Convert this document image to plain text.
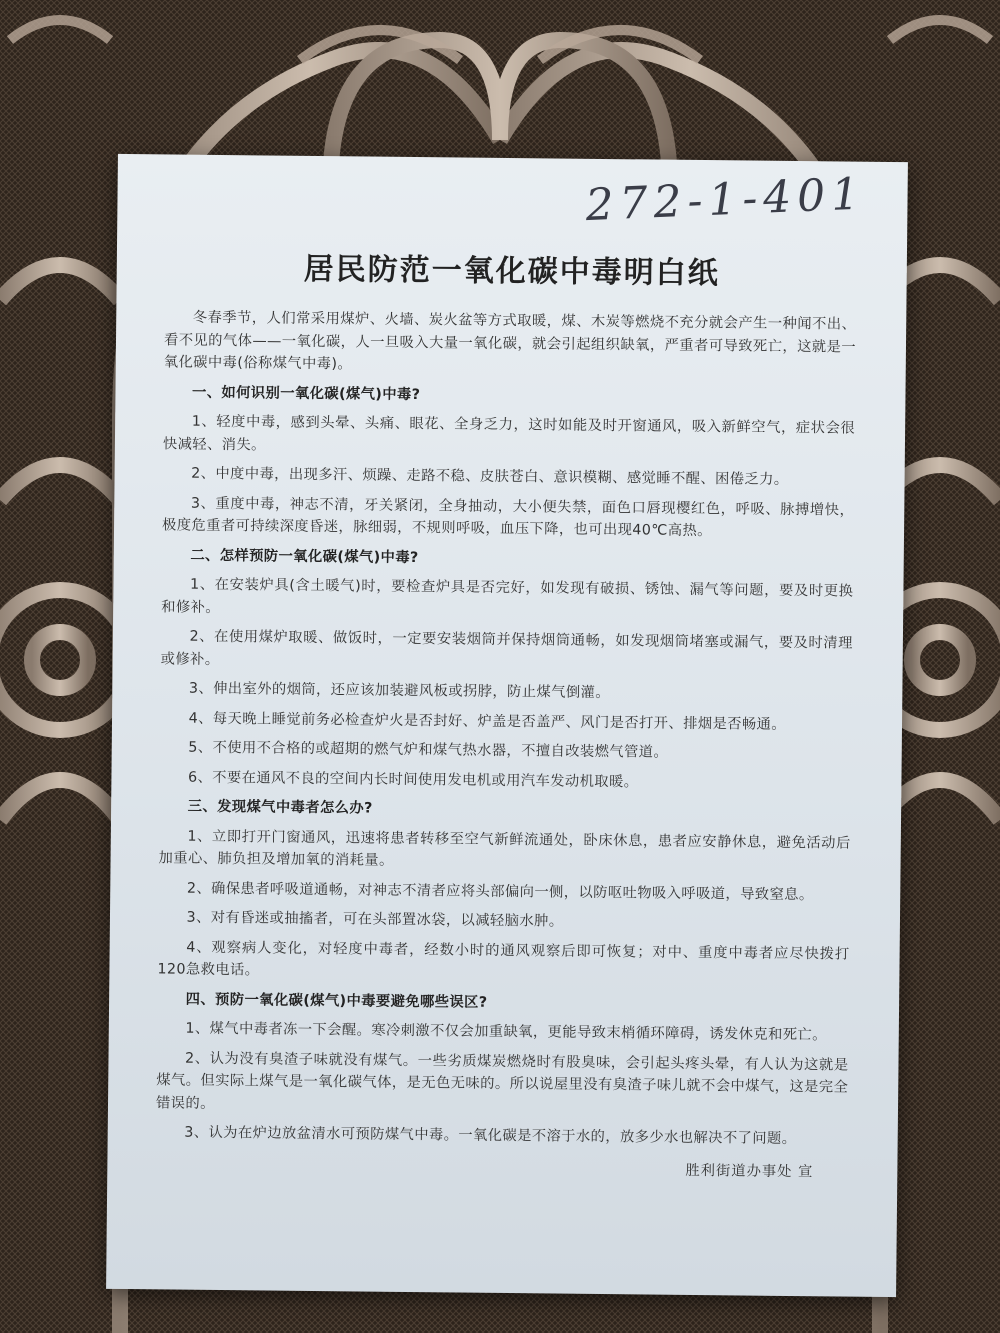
272-1-401
居民防范一氧化碳中毒明白纸

冬春季节，人们常采用煤炉、火墙、炭火盆等方式取暖，煤、木炭等燃烧不充分就会产生一种闻不出、看不见的气体——一氧化碳，人一旦吸入大量一氧化碳，就会引起组织缺氧，严重者可导致死亡，这就是一氧化碳中毒(俗称煤气中毒)。

一、如何识别一氧化碳(煤气)中毒?

1、轻度中毒，感到头晕、头痛、眼花、全身乏力，这时如能及时开窗通风，吸入新鲜空气，症状会很快减轻、消失。

2、中度中毒，出现多汗、烦躁、走路不稳、皮肤苍白、意识模糊、感觉睡不醒、困倦乏力。

3、重度中毒，神志不清，牙关紧闭，全身抽动，大小便失禁，面色口唇现樱红色，呼吸、脉搏增快，极度危重者可持续深度昏迷，脉细弱，不规则呼吸，血压下降，也可出现40℃高热。

二、怎样预防一氧化碳(煤气)中毒?

1、在安装炉具(含土暖气)时，要检查炉具是否完好，如发现有破损、锈蚀、漏气等问题，要及时更换和修补。

2、在使用煤炉取暖、做饭时，一定要安装烟筒并保持烟筒通畅，如发现烟筒堵塞或漏气，要及时清理或修补。

3、伸出室外的烟筒，还应该加装避风板或拐脖，防止煤气倒灌。

4、每天晚上睡觉前务必检查炉火是否封好、炉盖是否盖严、风门是否打开、排烟是否畅通。

5、不使用不合格的或超期的燃气炉和煤气热水器，不擅自改装燃气管道。

6、不要在通风不良的空间内长时间使用发电机或用汽车发动机取暖。

三、发现煤气中毒者怎么办?

1、立即打开门窗通风，迅速将患者转移至空气新鲜流通处，卧床休息，患者应安静休息，避免活动后加重心、肺负担及增加氧的消耗量。

2、确保患者呼吸道通畅，对神志不清者应将头部偏向一侧，以防呕吐物吸入呼吸道，导致窒息。

3、对有昏迷或抽搐者，可在头部置冰袋，以减轻脑水肿。

4、观察病人变化，对轻度中毒者，经数小时的通风观察后即可恢复；对中、重度中毒者应尽快拨打120急救电话。

四、预防一氧化碳(煤气)中毒要避免哪些误区?

1、煤气中毒者冻一下会醒。寒冷刺激不仅会加重缺氧，更能导致末梢循环障碍，诱发休克和死亡。

2、认为没有臭渣子味就没有煤气。一些劣质煤炭燃烧时有股臭味，会引起头疼头晕，有人认为这就是煤气。但实际上煤气是一氧化碳气体，是无色无味的。所以说屋里没有臭渣子味儿就不会中煤气，这是完全错误的。

3、认为在炉边放盆清水可预防煤气中毒。一氧化碳是不溶于水的，放多少水也解决不了问题。

胜利街道办事处 宣
